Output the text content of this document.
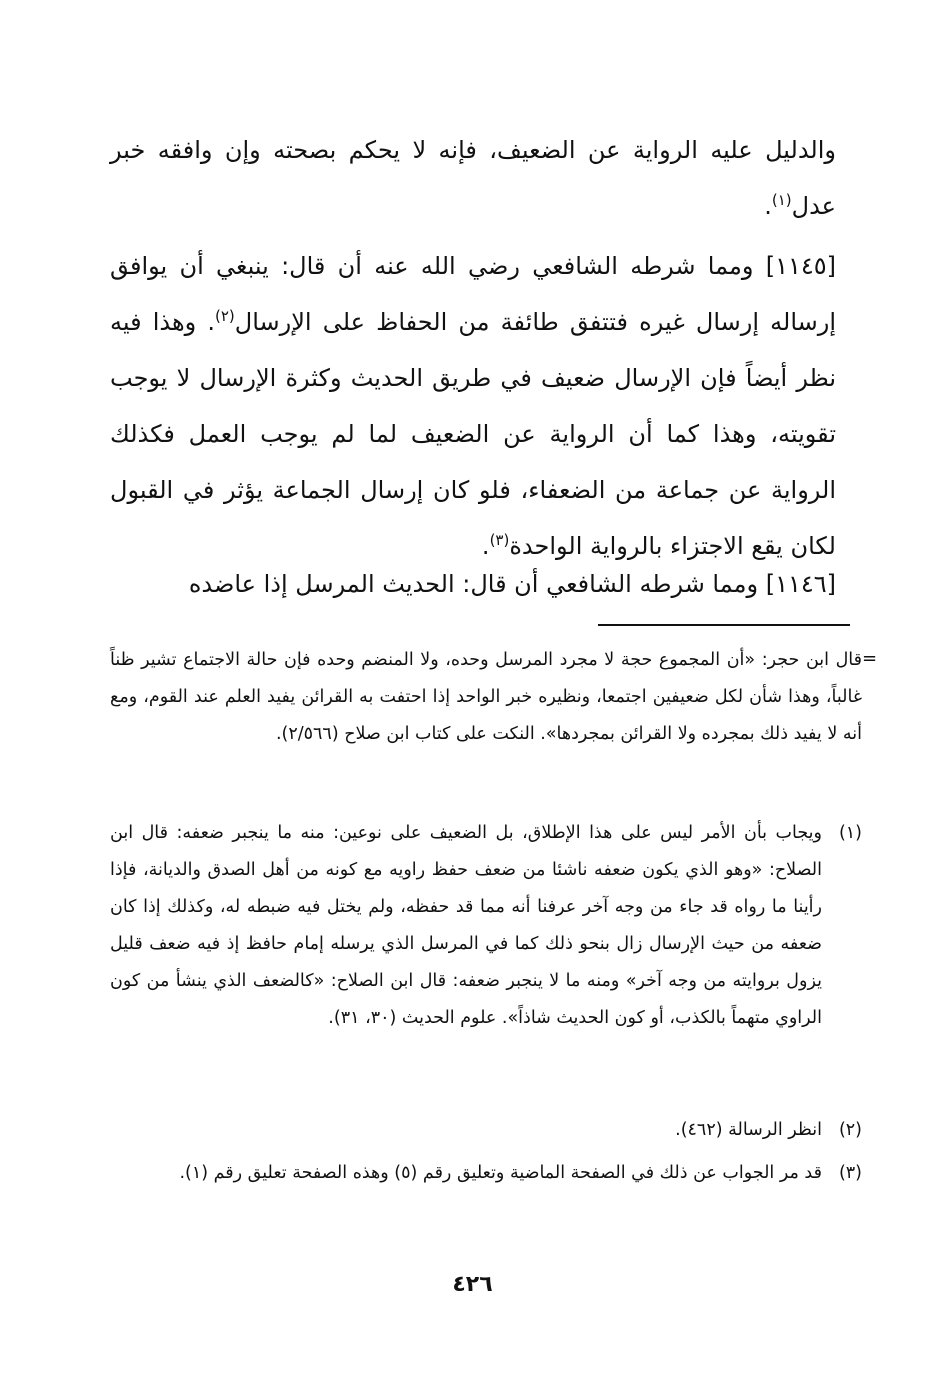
والدليل عليه الرواية عن الضعيف، فإنه لا يحكم بصحته وإن وافقه خبر عدل$^{(١)}$.

[١١٤٥] ومما شرطه الشافعي رضي الله عنه أن قال: ينبغي أن يوافق إرساله إرسال غيره فتتفق طائفة من الحفاظ على الإرسال$^{(٢)}$. وهذا فيه نظر أيضاً فإن الإرسال ضعيف في طريق الحديث وكثرة الإرسال لا يوجب تقويته، وهذا كما أن الرواية عن الضعيف لما لم يوجب العمل فكذلك الرواية عن جماعة من الضعفاء، فلو كان إرسال الجماعة يؤثر في القبول لكان يقع الاجتزاء بالرواية الواحدة$^{(٣)}$.

[١١٤٦] ومما شرطه الشافعي أن قال: الحديث المرسل إذا عاضده

=
قال ابن حجر: «أن المجموع حجة لا مجرد المرسل وحده، ولا المنضم وحده فإن حالة الاجتماع تشير ظناً غالباً، وهذا شأن لكل ضعيفين اجتمعا، ونظيره خبر الواحد إذا احتفت به القرائن يفيد العلم عند القوم، ومع أنه لا يفيد ذلك بمجرده ولا القرائن بمجردها». النكت على كتاب ابن صلاح (٢/٥٦٦).
(١)
ويجاب بأن الأمر ليس على هذا الإطلاق، بل الضعيف على نوعين: منه ما ينجبر ضعفه: قال ابن الصلاح: «وهو الذي يكون ضعفه ناشئا من ضعف حفظ راويه مع كونه من أهل الصدق والديانة، فإذا رأينا ما رواه قد جاء من وجه آخر عرفنا أنه مما قد حفظه، ولم يختل فيه ضبطه له، وكذلك إذا كان ضعفه من حيث الإرسال زال بنحو ذلك كما في المرسل الذي يرسله إمام حافظ إذ فيه ضعف قليل يزول بروايته من وجه آخر» ومنه ما لا ينجبر ضعفه: قال ابن الصلاح: «كالضعف الذي ينشأ من كون الراوي متهماً بالكذب، أو كون الحديث شاذاً». علوم الحديث (٣٠، ٣١).
(٢)
انظر الرسالة (٤٦٢).
(٣)
قد مر الجواب عن ذلك في الصفحة الماضية وتعليق رقم (٥) وهذه الصفحة تعليق رقم (١).
٤٢٦
